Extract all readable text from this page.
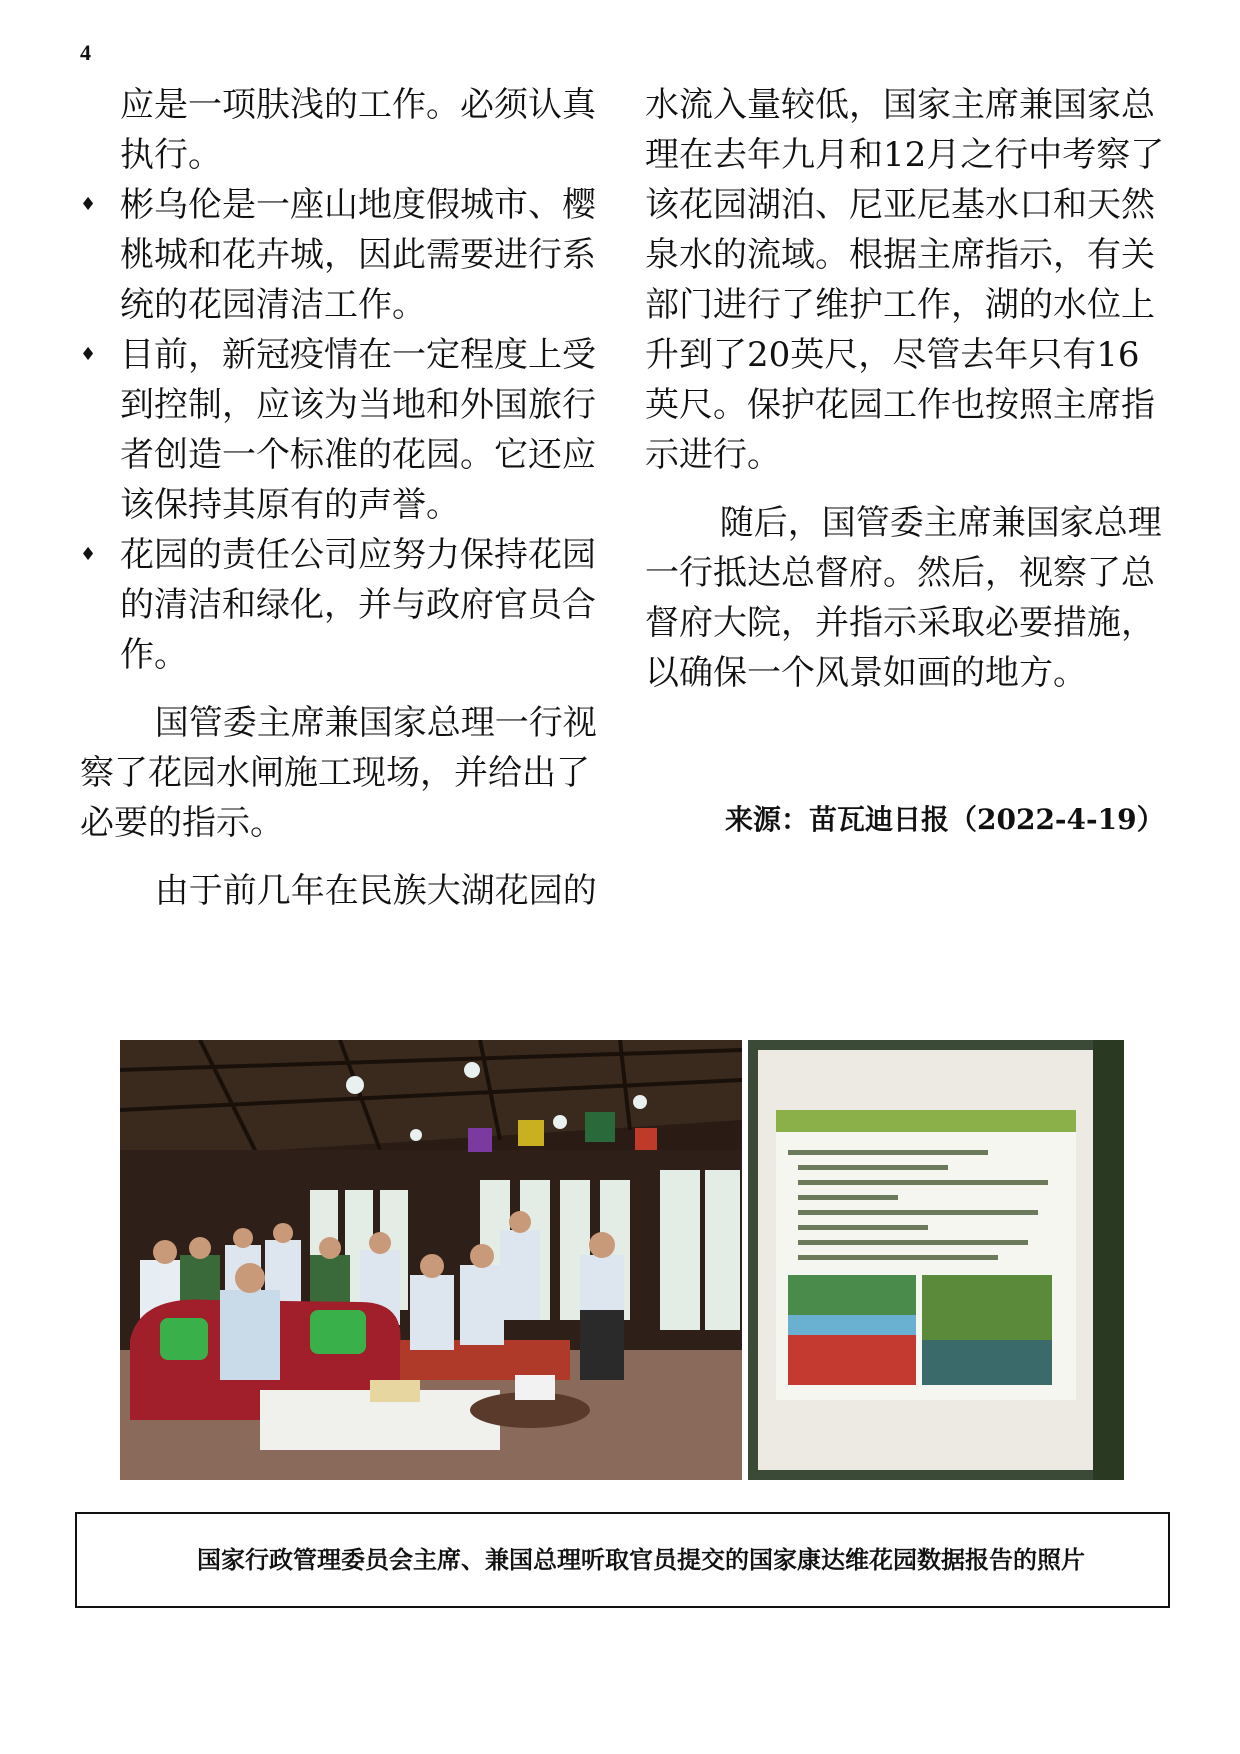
4

应是一项肤浅的工作。必须认真执行。

♦ 彬乌伦是一座山地度假城市、樱桃城和花卉城，因此需要进行系统的花园清洁工作。
♦ 目前，新冠疫情在一定程度上受到控制，应该为当地和外国旅行者创造一个标准的花园。它还应该保持其原有的声誉。
♦ 花园的责任公司应努力保持花园的清洁和绿化，并与政府官员合作。

国管委主席兼国家总理一行视察了花园水闸施工现场，并给出了必要的指示。

由于前几年在民族大湖花园的

水流入量较低，国家主席兼国家总理在去年九月和12月之行中考察了该花园湖泊、尼亚尼基水口和天然泉水的流域。根据主席指示，有关部门进行了维护工作，湖的水位上升到了20英尺，尽管去年只有16英尺。保护花园工作也按照主席指示进行。

随后，国管委主席兼国家总理一行抵达总督府。然后，视察了总督府大院，并指示采取必要措施，以确保一个风景如画的地方。

来源：苗瓦迪日报（2022-4-19）
国家行政管理委员会主席、兼国总理听取官员提交的国家康达维花园数据报告的照片
